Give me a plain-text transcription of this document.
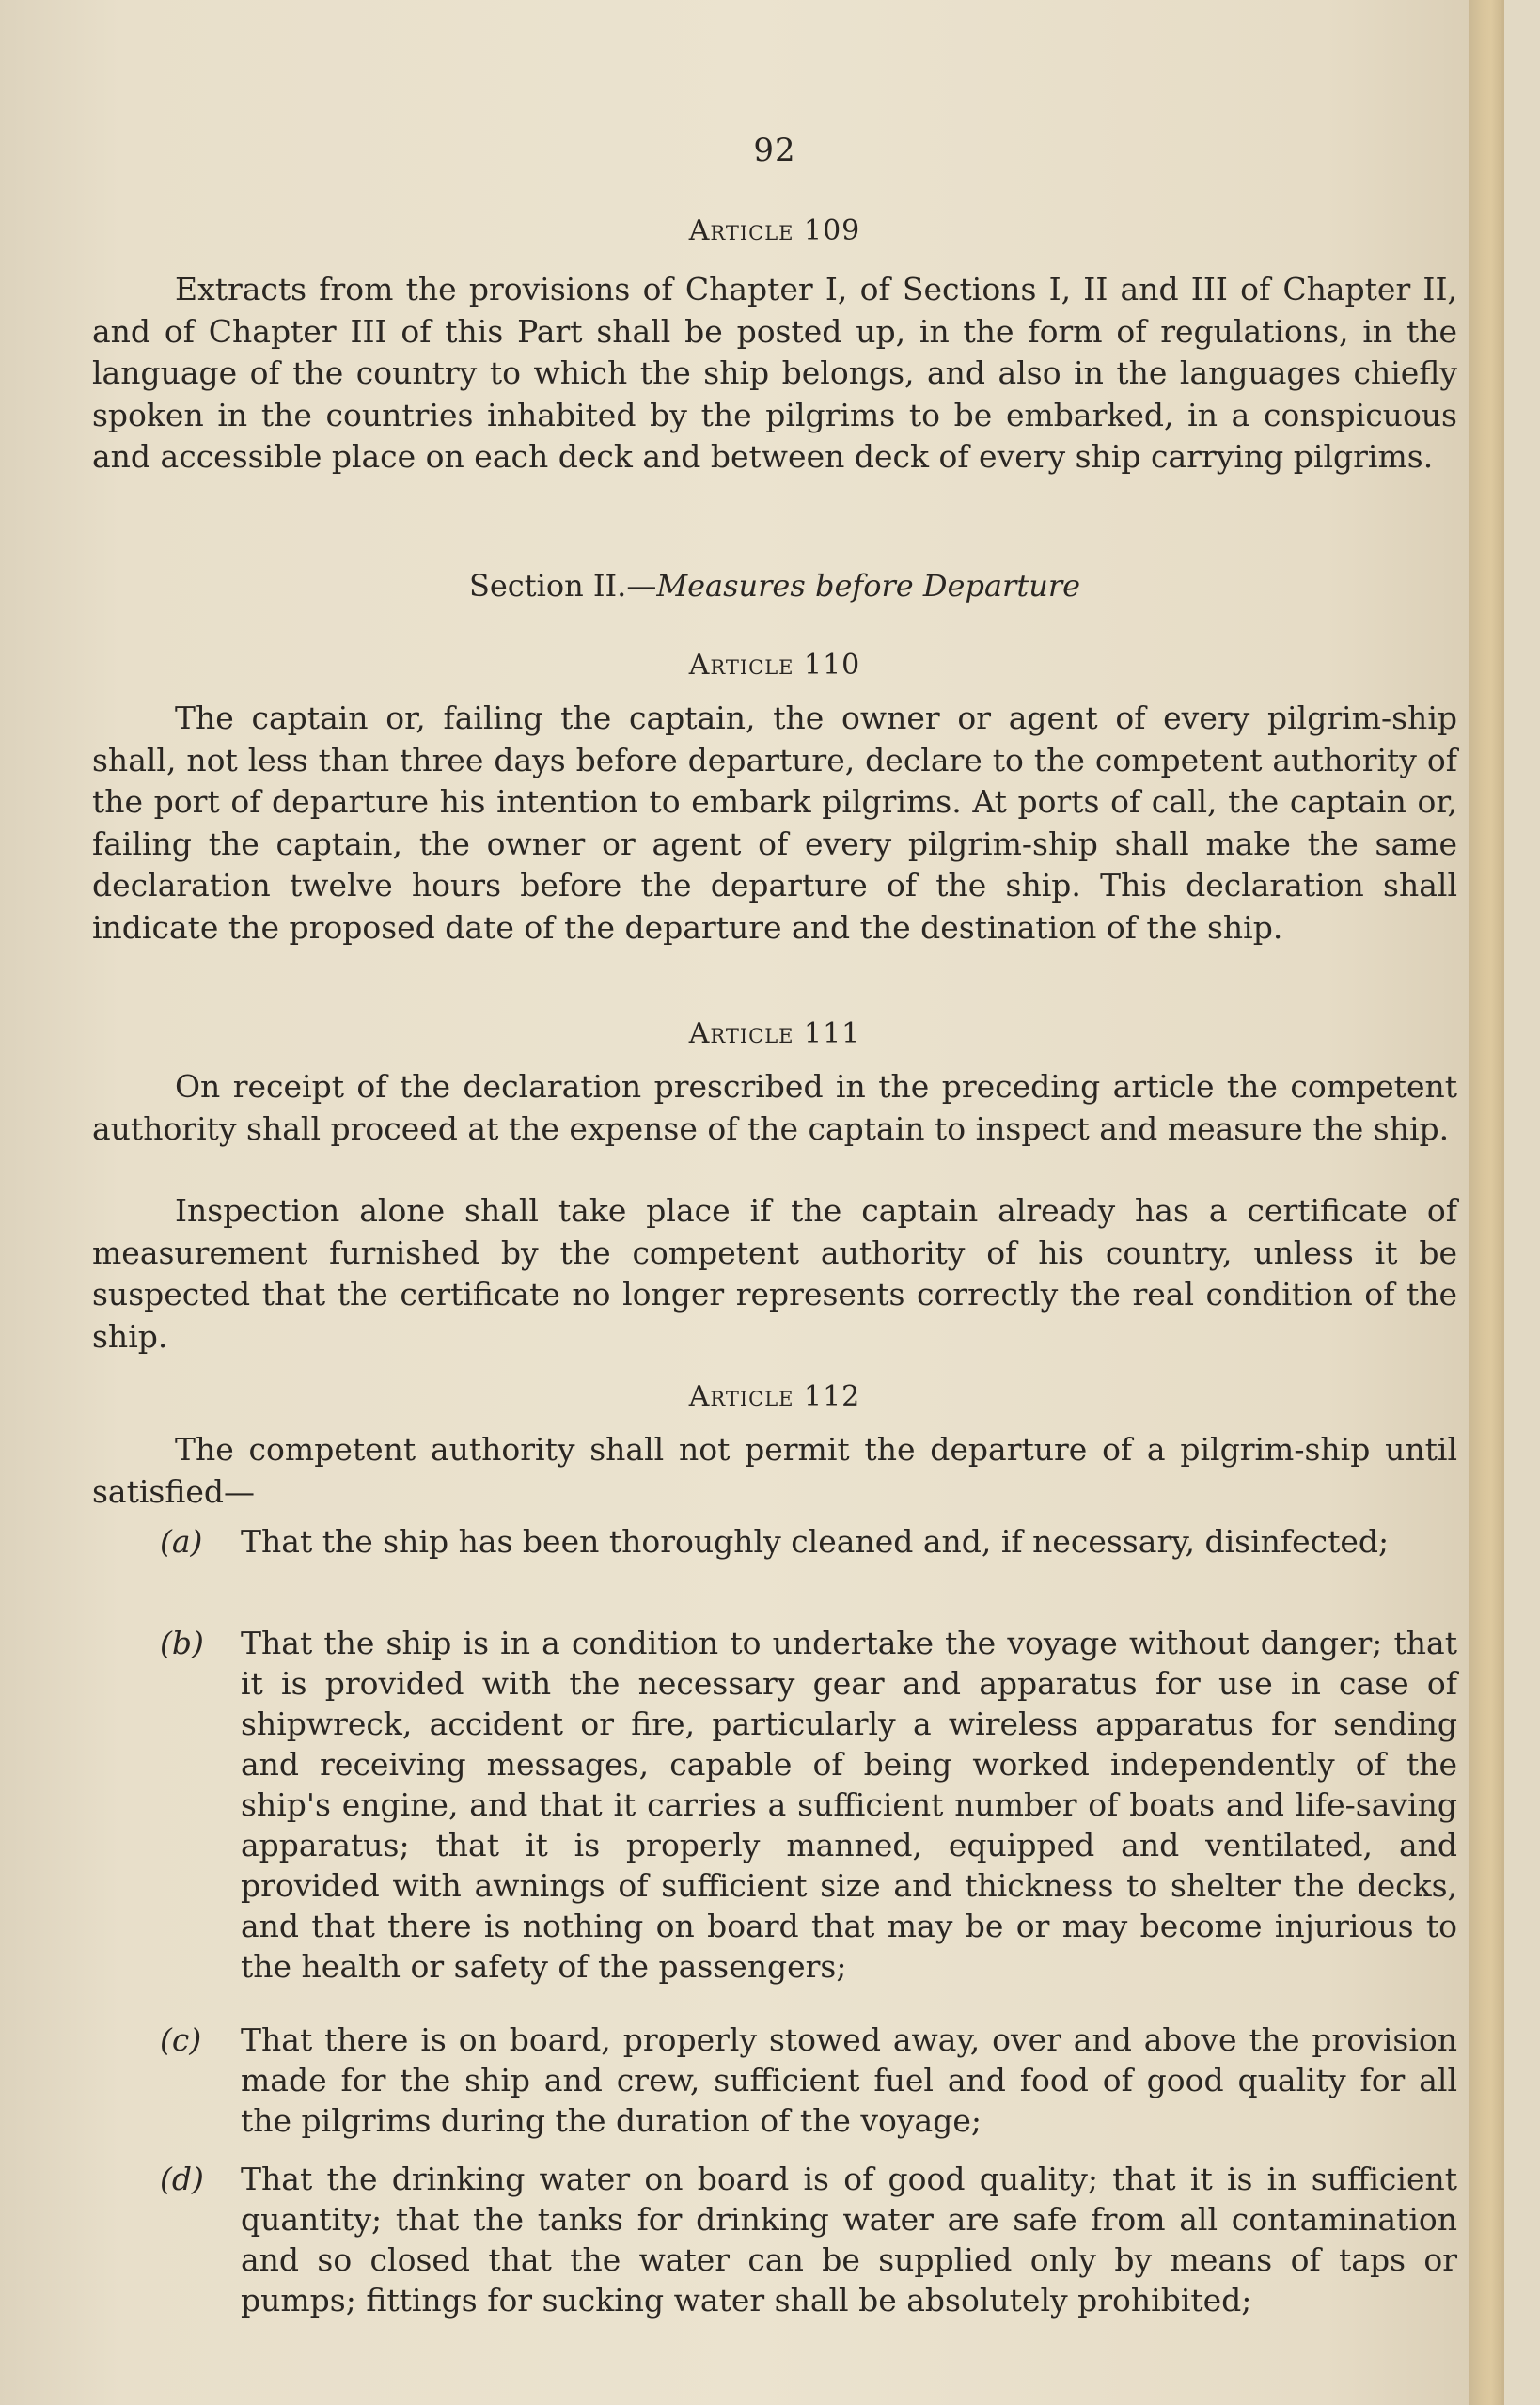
92
Article 109
Extracts from the provisions of Chapter I, of Sections I, II and III of Chapter II, and of Chapter III of this Part shall be posted up, in the form of regulations, in the language of the country to which the ship belongs, and also in the languages chiefly spoken in the countries inhabited by the pilgrims to be embarked, in a conspicuous and accessible place on each deck and between deck of every ship carrying pilgrims.
Section II.—Measures before Departure
Article 110
The captain or, failing the captain, the owner or agent of every pilgrim-ship shall, not less than three days before departure, declare to the competent authority of the port of departure his intention to embark pilgrims. At ports of call, the captain or, failing the captain, the owner or agent of every pilgrim-ship shall make the same declaration twelve hours before the departure of the ship. This declaration shall indicate the proposed date of the departure and the destination of the ship.
Article 111
On receipt of the declaration prescribed in the preceding article the competent authority shall proceed at the expense of the captain to inspect and measure the ship.
Inspection alone shall take place if the captain already has a certificate of measurement furnished by the competent authority of his country, unless it be suspected that the certificate no longer represents correctly the real condition of the ship.
Article 112
The competent authority shall not permit the departure of a pilgrim-ship until satisfied—
(a) That the ship has been thoroughly cleaned and, if necessary, disinfected;
(b) That the ship is in a condition to undertake the voyage without danger; that it is provided with the necessary gear and apparatus for use in case of shipwreck, accident or fire, particularly a wireless apparatus for sending and receiving messages, capable of being worked independently of the ship's engine, and that it carries a sufficient number of boats and life-saving apparatus; that it is properly manned, equipped and ventilated, and provided with awnings of sufficient size and thickness to shelter the decks, and that there is nothing on board that may be or may become injurious to the health or safety of the passengers;
(c) That there is on board, properly stowed away, over and above the provision made for the ship and crew, sufficient fuel and food of good quality for all the pilgrims during the duration of the voyage;
(d) That the drinking water on board is of good quality; that it is in sufficient quantity; that the tanks for drinking water are safe from all contamination and so closed that the water can be supplied only by means of taps or pumps; fittings for sucking water shall be absolutely prohibited;
